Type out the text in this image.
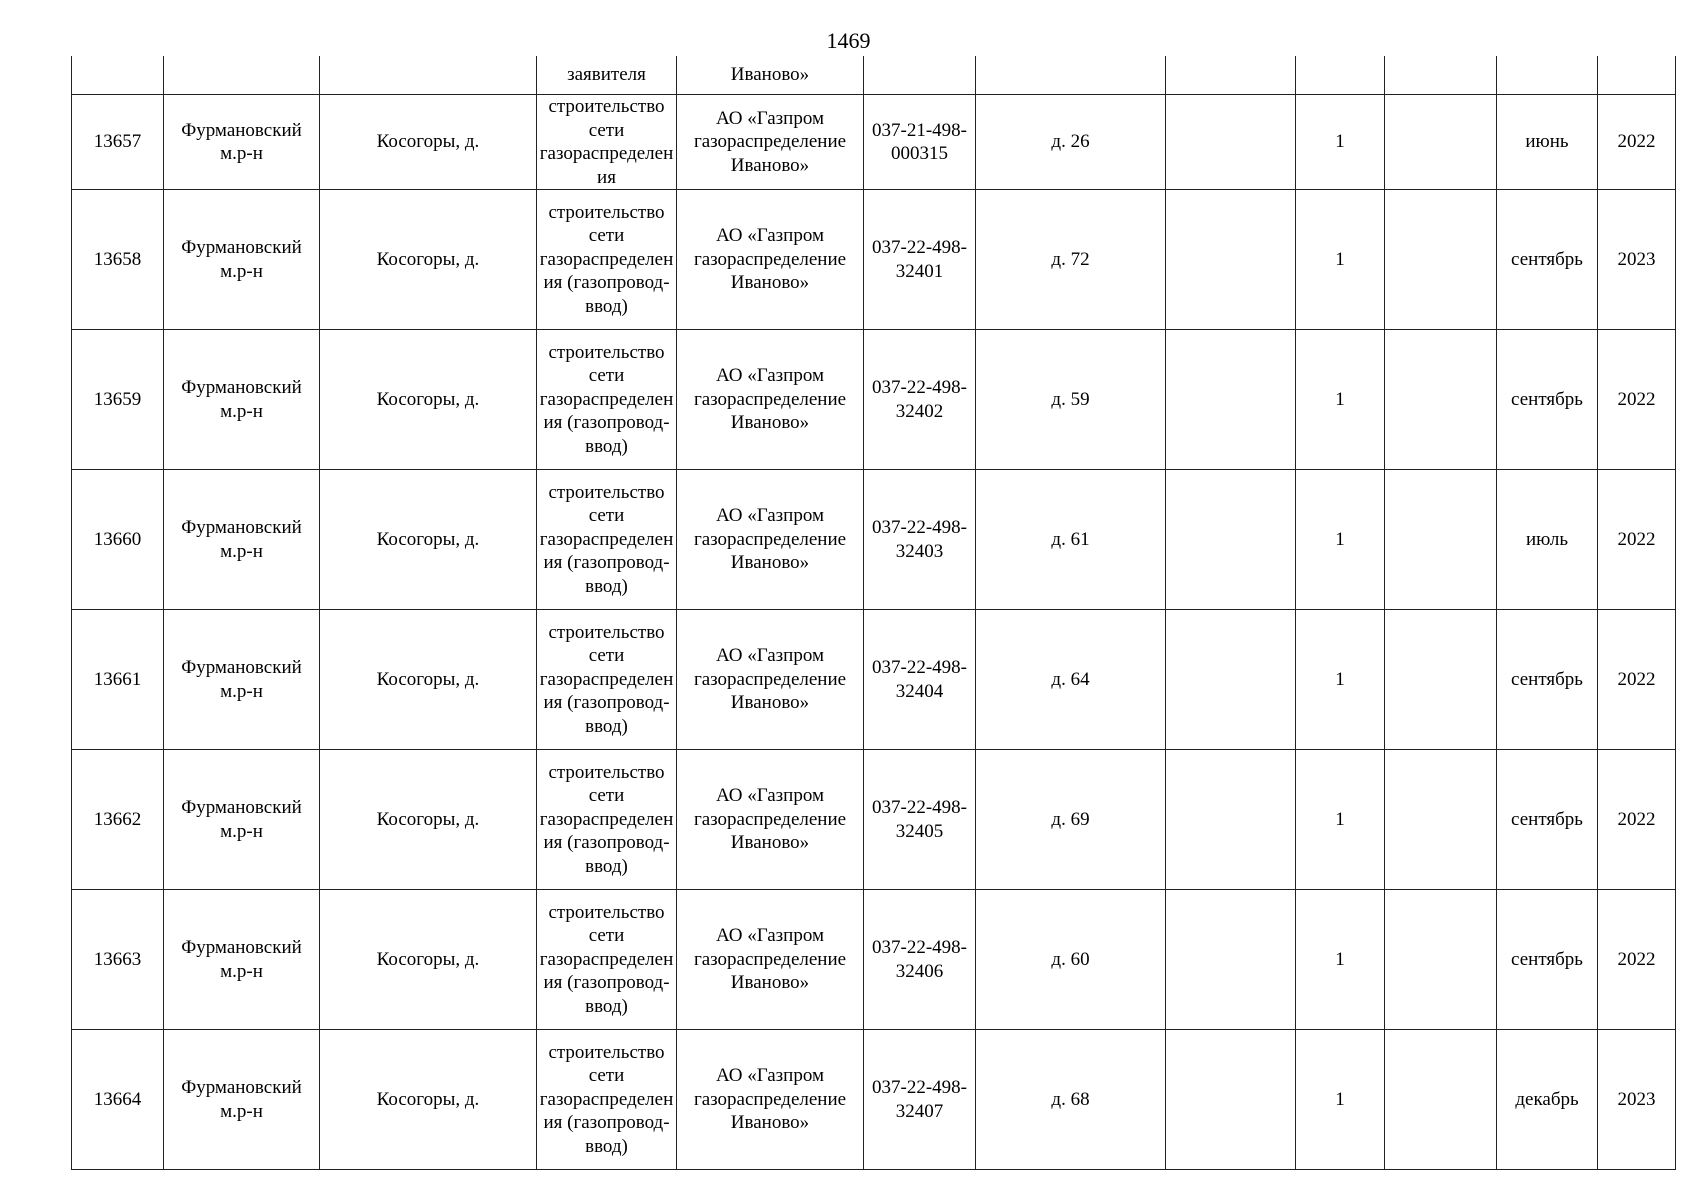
1469
			заявителя	Иваново»							
13657	Фурмановский м.р-н	Косогоры, д.	строительство сети газораспределения	АО «Газпром газораспределение Иваново»	037-21-498-000315	д. 26		1		июнь	2022
13658	Фурмановский м.р-н	Косогоры, д.	строительство сети газораспределения (газопровод-ввод)	АО «Газпром газораспределение Иваново»	037-22-498-32401	д. 72		1		сентябрь	2023
13659	Фурмановский м.р-н	Косогоры, д.	строительство сети газораспределения (газопровод-ввод)	АО «Газпром газораспределение Иваново»	037-22-498-32402	д. 59		1		сентябрь	2022
13660	Фурмановский м.р-н	Косогоры, д.	строительство сети газораспределения (газопровод-ввод)	АО «Газпром газораспределение Иваново»	037-22-498-32403	д. 61		1		июль	2022
13661	Фурмановский м.р-н	Косогоры, д.	строительство сети газораспределения (газопровод-ввод)	АО «Газпром газораспределение Иваново»	037-22-498-32404	д. 64		1		сентябрь	2022
13662	Фурмановский м.р-н	Косогоры, д.	строительство сети газораспределения (газопровод-ввод)	АО «Газпром газораспределение Иваново»	037-22-498-32405	д. 69		1		сентябрь	2022
13663	Фурмановский м.р-н	Косогоры, д.	строительство сети газораспределения (газопровод-ввод)	АО «Газпром газораспределение Иваново»	037-22-498-32406	д. 60		1		сентябрь	2022
13664	Фурмановский м.р-н	Косогоры, д.	строительство сети газораспределения (газопровод-ввод)	АО «Газпром газораспределение Иваново»	037-22-498-32407	д. 68		1		декабрь	2023
